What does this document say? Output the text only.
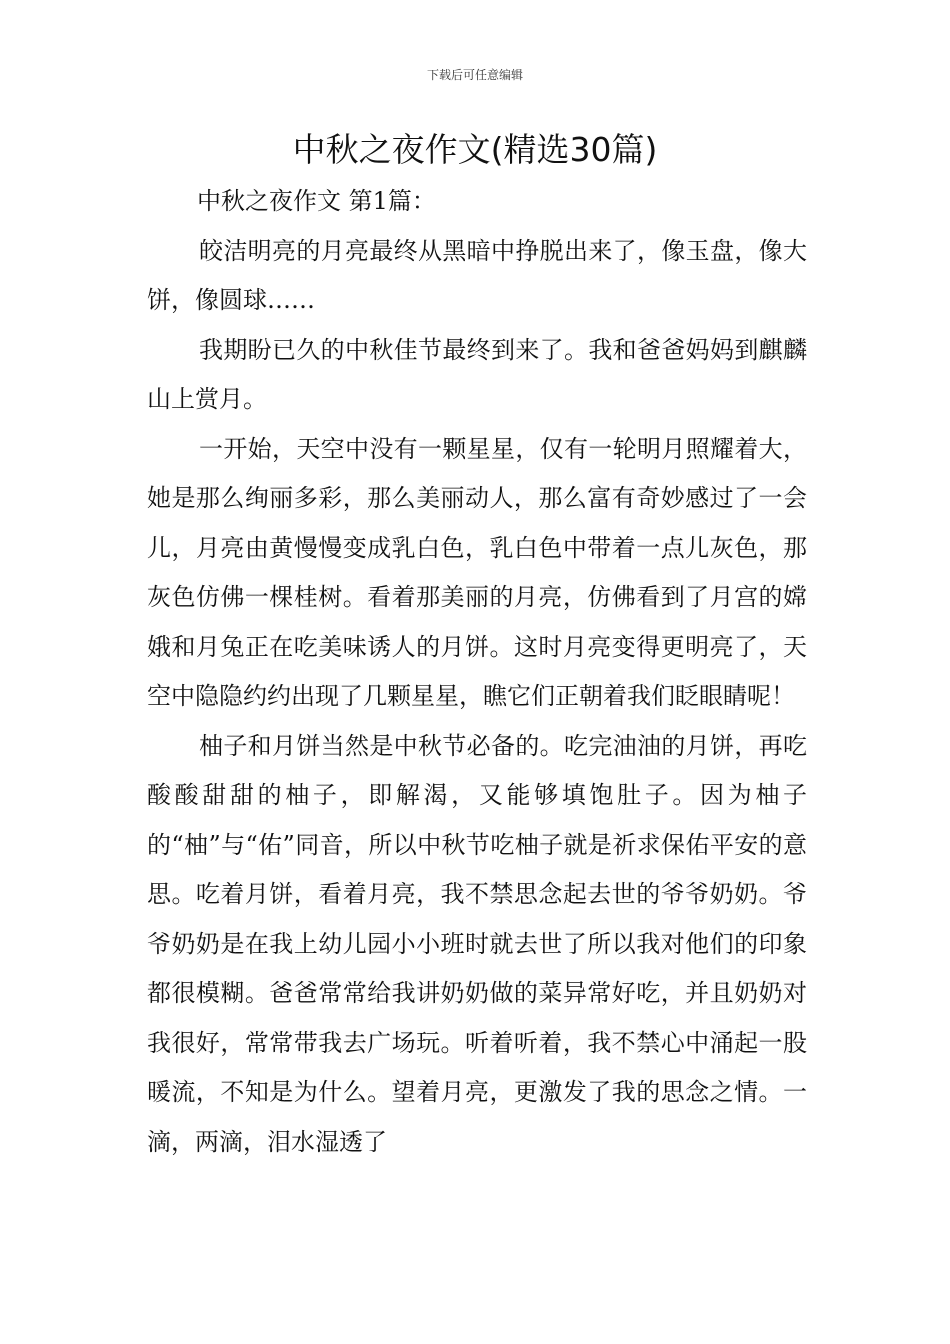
下载后可任意编辑
中秋之夜作文(精选30篇)

中秋之夜作文 第1篇：

皎洁明亮的月亮最终从黑暗中挣脱出来了，像玉盘，像大饼，像圆球……

我期盼已久的中秋佳节最终到来了。我和爸爸妈妈到麒麟山上赏月。

一开始，天空中没有一颗星星，仅有一轮明月照耀着大，她是那么绚丽多彩，那么美丽动人，那么富有奇妙感过了一会儿，月亮由黄慢慢变成乳白色，乳白色中带着一点儿灰色，那灰色仿佛一棵桂树。看着那美丽的月亮，仿佛看到了月宫的嫦娥和月兔正在吃美味诱人的月饼。这时月亮变得更明亮了，天空中隐隐约约出现了几颗星星，瞧它们正朝着我们眨眼睛呢！

柚子和月饼当然是中秋节必备的。吃完油油的月饼，再吃酸酸甜甜的柚子，即解渴，又能够填饱肚子。因为柚子的“柚”与“佑”同音，所以中秋节吃柚子就是祈求保佑平安的意思。吃着月饼，看着月亮，我不禁思念起去世的爷爷奶奶。爷爷奶奶是在我上幼儿园小小班时就去世了所以我对他们的印象都很模糊。爸爸常常给我讲奶奶做的菜异常好吃，并且奶奶对我很好，常常带我去广场玩。听着听着，我不禁心中涌起一股暖流，不知是为什么。望着月亮，更激发了我的思念之情。一滴，两滴，泪水湿透了
